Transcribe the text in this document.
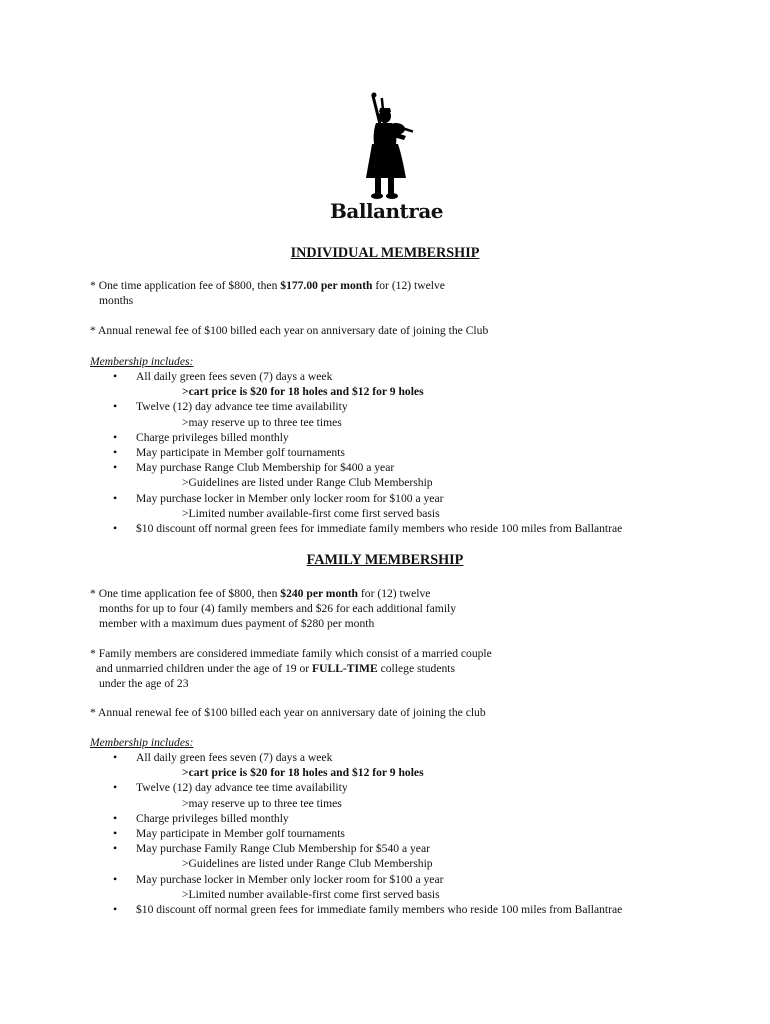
Ballantrae
INDIVIDUAL MEMBERSHIP
* One time application fee of $800, then $177.00 per month for (12) twelve
months
* Annual renewal fee of $100 billed each year on anniversary date of joining the Club
Membership includes:
• All daily green fees seven (7) days a week
>cart price is $20 for 18 holes and $12 for 9 holes
• Twelve (12) day advance tee time availability
>may reserve up to three tee times
• Charge privileges billed monthly
• May participate in Member golf tournaments
• May purchase Range Club Membership for $400 a year
>Guidelines are listed under Range Club Membership
• May purchase locker in Member only locker room for $100 a year
>Limited number available-first come first served basis
• $10 discount off normal green fees for immediate family members who reside 100 miles from Ballantrae
FAMILY MEMBERSHIP
* One time application fee of $800, then $240 per month for (12) twelve
months for up to four (4) family members and $26 for each additional family
member with a maximum dues payment of $280 per month
* Family members are considered immediate family which consist of a married couple
and unmarried children under the age of 19 or FULL-TIME college students
under the age of 23
* Annual renewal fee of $100 billed each year on anniversary date of joining the club
Membership includes:
• All daily green fees seven (7) days a week
>cart price is $20 for 18 holes and $12 for 9 holes
• Twelve (12) day advance tee time availability
>may reserve up to three tee times
• Charge privileges billed monthly
• May participate in Member golf tournaments
• May purchase Family Range Club Membership for $540 a year
>Guidelines are listed under Range Club Membership
• May purchase locker in Member only locker room for $100 a year
>Limited number available-first come first served basis
• $10 discount off normal green fees for immediate family members who reside 100 miles from Ballantrae
